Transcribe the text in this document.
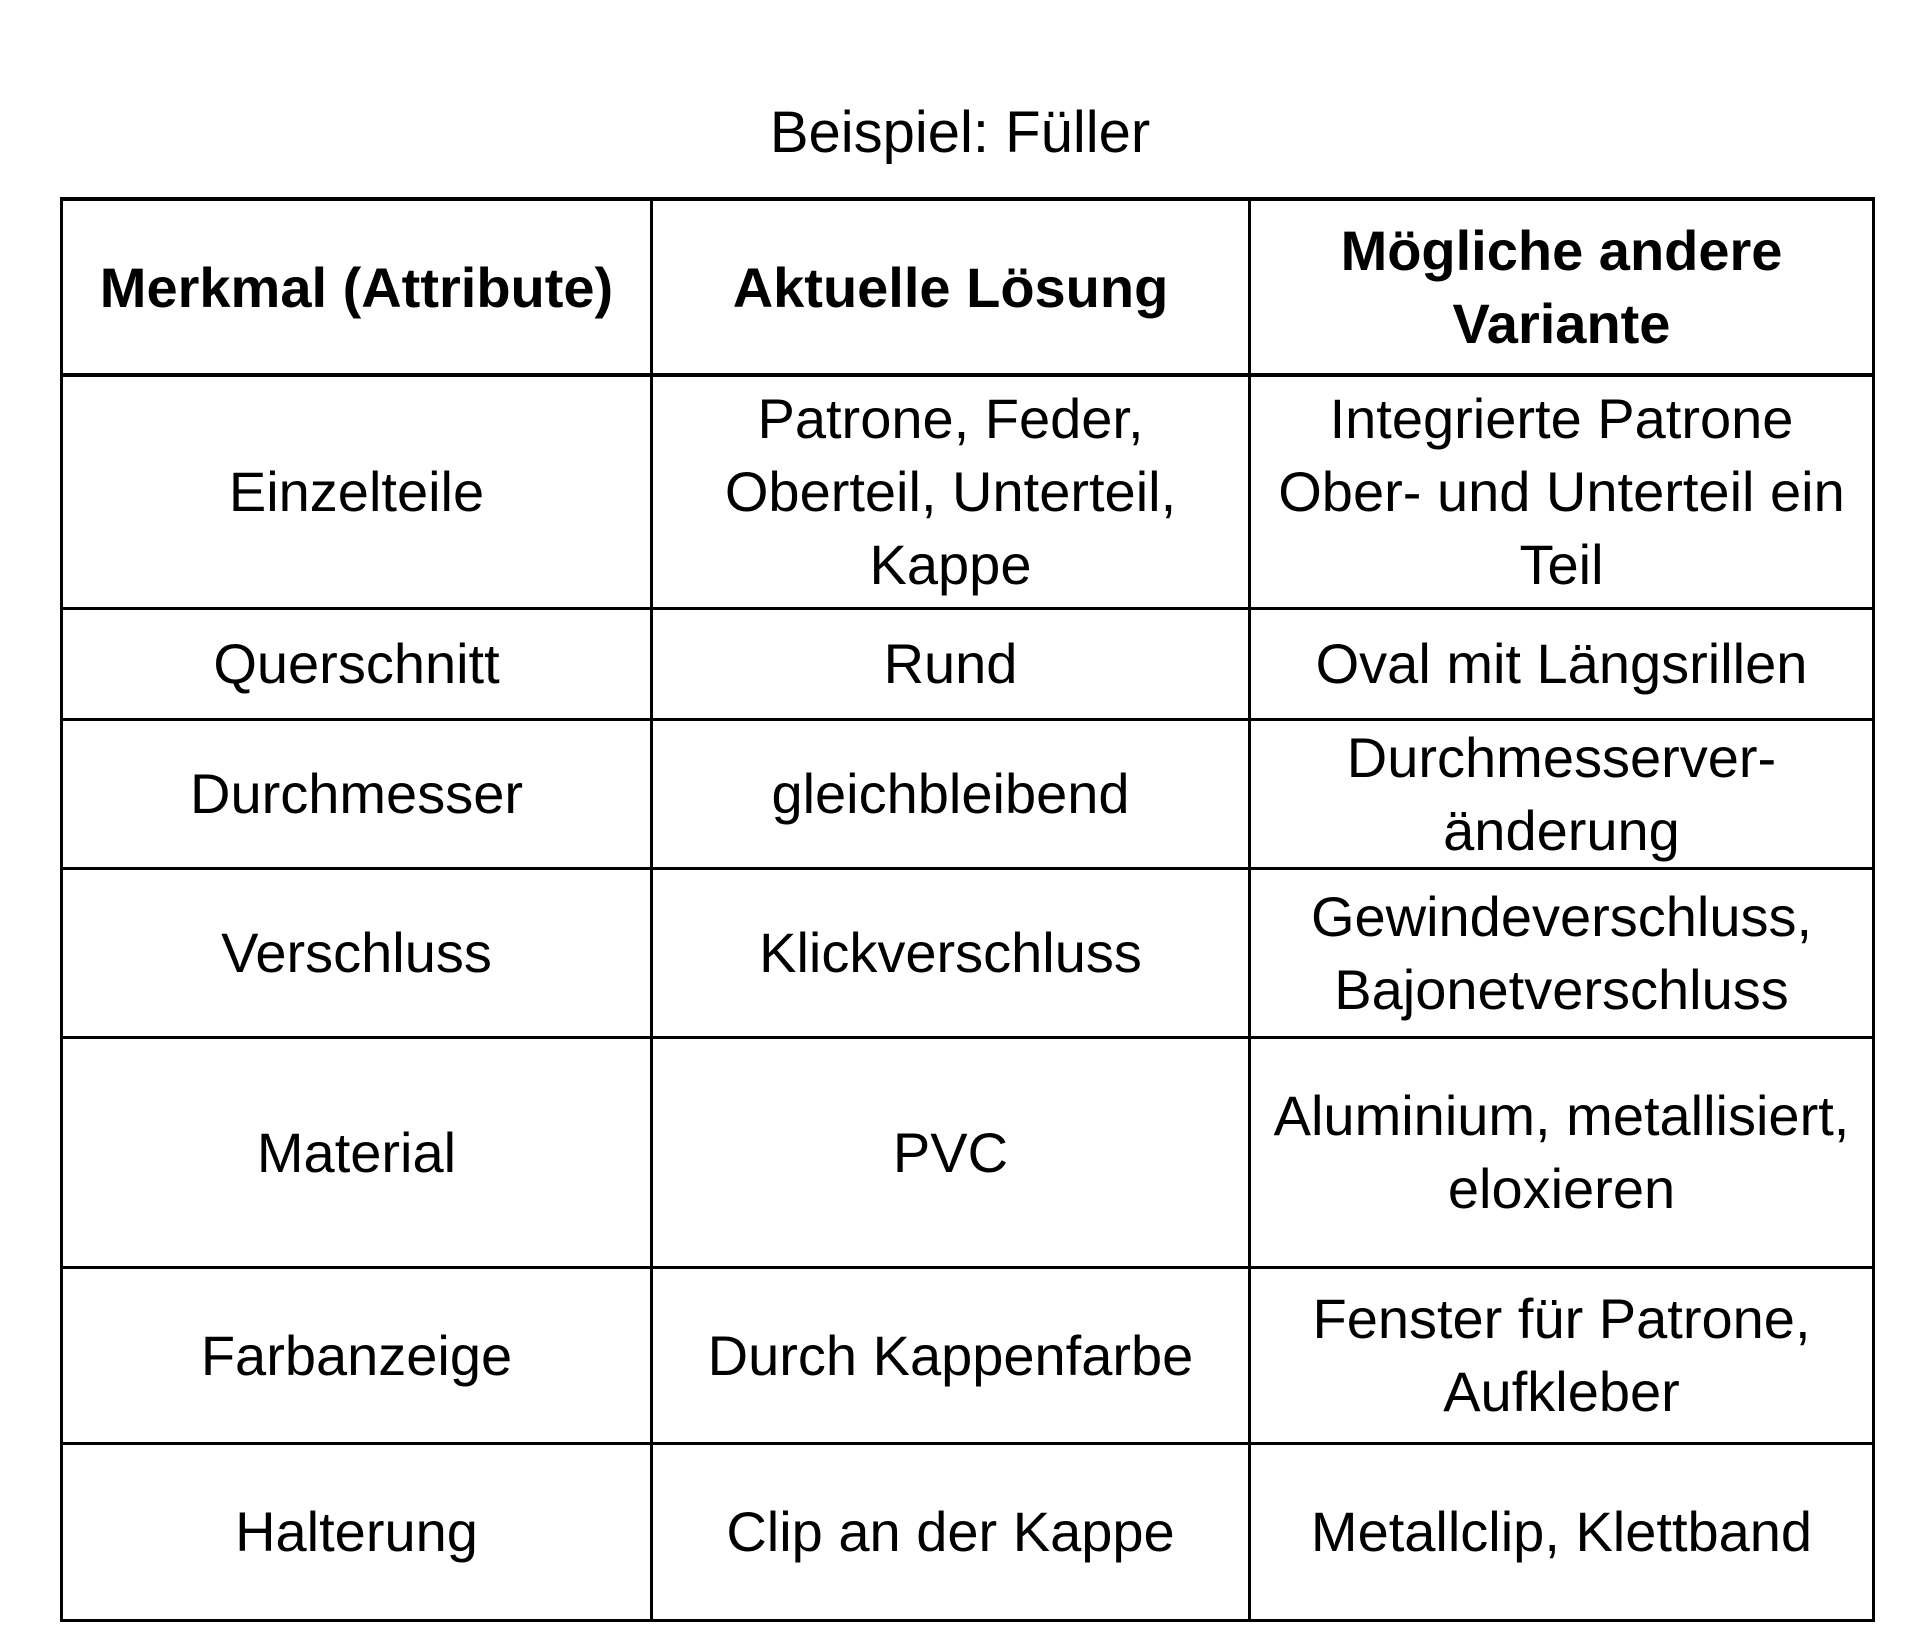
Beispiel: Füller
Merkmal (Attribute)	Aktuelle Lösung	Mögliche andere Variante
Einzelteile	Patrone, Feder, Oberteil, Unterteil, Kappe	Integrierte Patrone Ober- und Unterteil ein Teil
Querschnitt	Rund	Oval mit Längsrillen
Durchmesser	gleichbleibend	Durchmesserver-änderung
Verschluss	Klickverschluss	Gewindeverschluss, Bajonetverschluss
Material	PVC	Aluminium, metallisiert, eloxieren
Farbanzeige	Durch Kappenfarbe	Fenster für Patrone, Aufkleber
Halterung	Clip an der Kappe	Metallclip, Klettband
